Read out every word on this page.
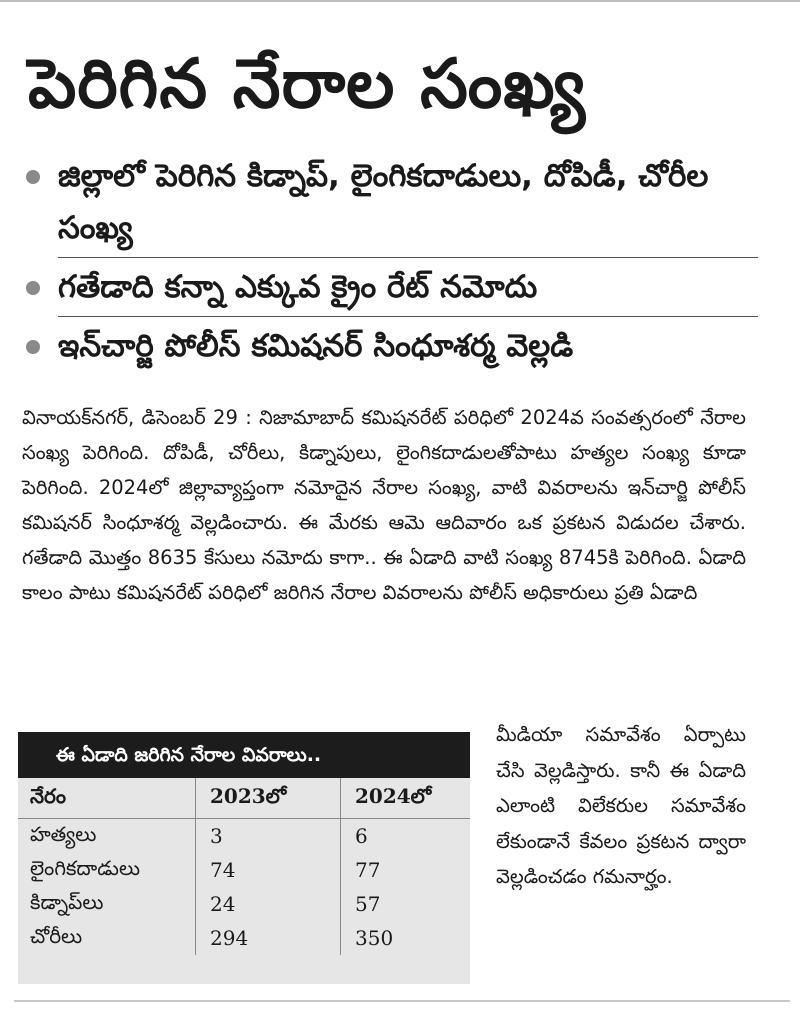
పెరిగిన నేరాల సంఖ్య
జిల్లాలో పెరిగిన కిడ్నాప్, లైంగికదాడులు, దోపిడీ, చోరీల సంఖ్య
గతేడాది కన్నా ఎక్కువ క్రైం రేట్ నమోదు
ఇన్‌చార్జి పోలీస్ కమిషనర్ సింధూశర్మ వెల్లడి
వినాయక్‌నగర్, డిసెంబర్ 29 : నిజామాబాద్ కమిషనరేట్ పరిధిలో 2024వ సంవత్సరంలో నేరాల సంఖ్య పెరిగింది. దోపిడీ, చోరీలు, కిడ్నాపులు, లైంగికదాడులతోపాటు హత్యల సంఖ్య కూడా పెరిగింది. 2024లో జిల్లావ్యాప్తంగా నమోదైన నేరాల సంఖ్య, వాటి వివరాలను ఇన్‌చార్జి పోలీస్ కమిషనర్ సింధూశర్మ వెల్లడించారు. ఈ మేరకు ఆమె ఆదివారం ఒక ప్రకటన విడుదల చేశారు. గతేడాది మొత్తం 8635 కేసులు నమోదు కాగా.. ఈ ఏడాది వాటి సంఖ్య 8745కి పెరిగింది. ఏడాది కాలం పాటు కమిషనరేట్ పరిధిలో జరిగిన నేరాల వివరాలను పోలీస్ అధికారులు ప్రతి ఏడాది
ఈ ఏడాది జరిగిన నేరాల వివరాలు..
నేరం	2023లో	2024లో
హత్యలు	3	6
లైంగికదాడులు	74	77
కిడ్నాప్‌లు	24	57
చోరీలు	294	350
మీడియా సమావేశం ఏర్పాటు చేసి వెల్లడిస్తారు. కానీ ఈ ఏడాది ఎలాంటి విలేకరుల సమావేశం లేకుండానే కేవలం ప్రకటన ద్వారా వెల్లడించడం గమనార్హం.
